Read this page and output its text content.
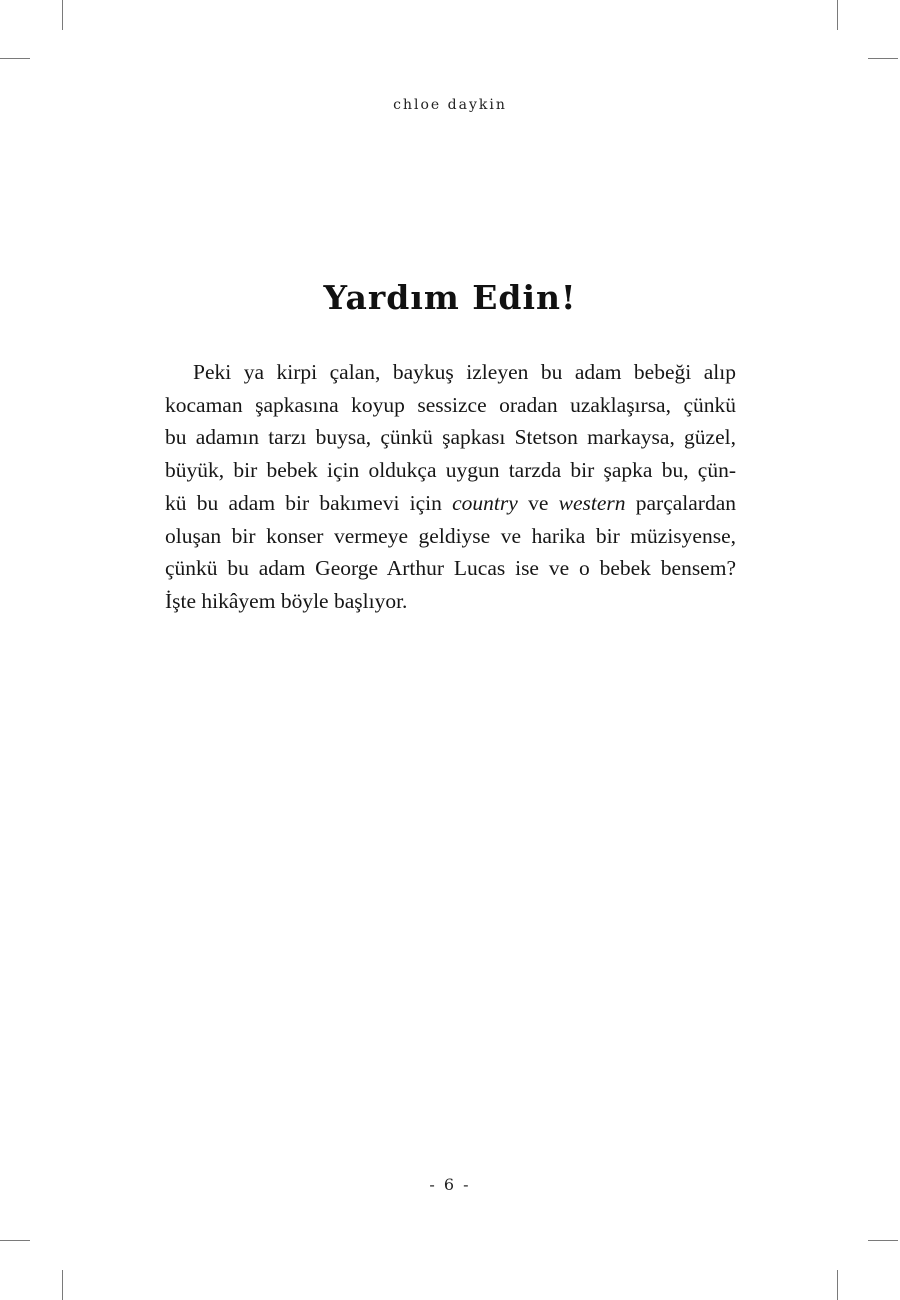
chloe daykin
Yardım Edin!

Peki ya kirpi çalan, baykuş izleyen bu adam bebeği alıp
kocaman şapkasına koyup sessizce oradan uzaklaşırsa, çünkü
bu adamın tarzı buysa, çünkü şapkası Stetson markaysa, güzel,
büyük, bir bebek için oldukça uygun tarzda bir şapka bu, çün-
kü bu adam bir bakımevi için country ve western parçalardan
oluşan bir konser vermeye geldiyse ve harika bir müzisyense,
çünkü bu adam George Arthur Lucas ise ve o bebek bensem?
İşte hikâyem böyle başlıyor.

- 6 -
